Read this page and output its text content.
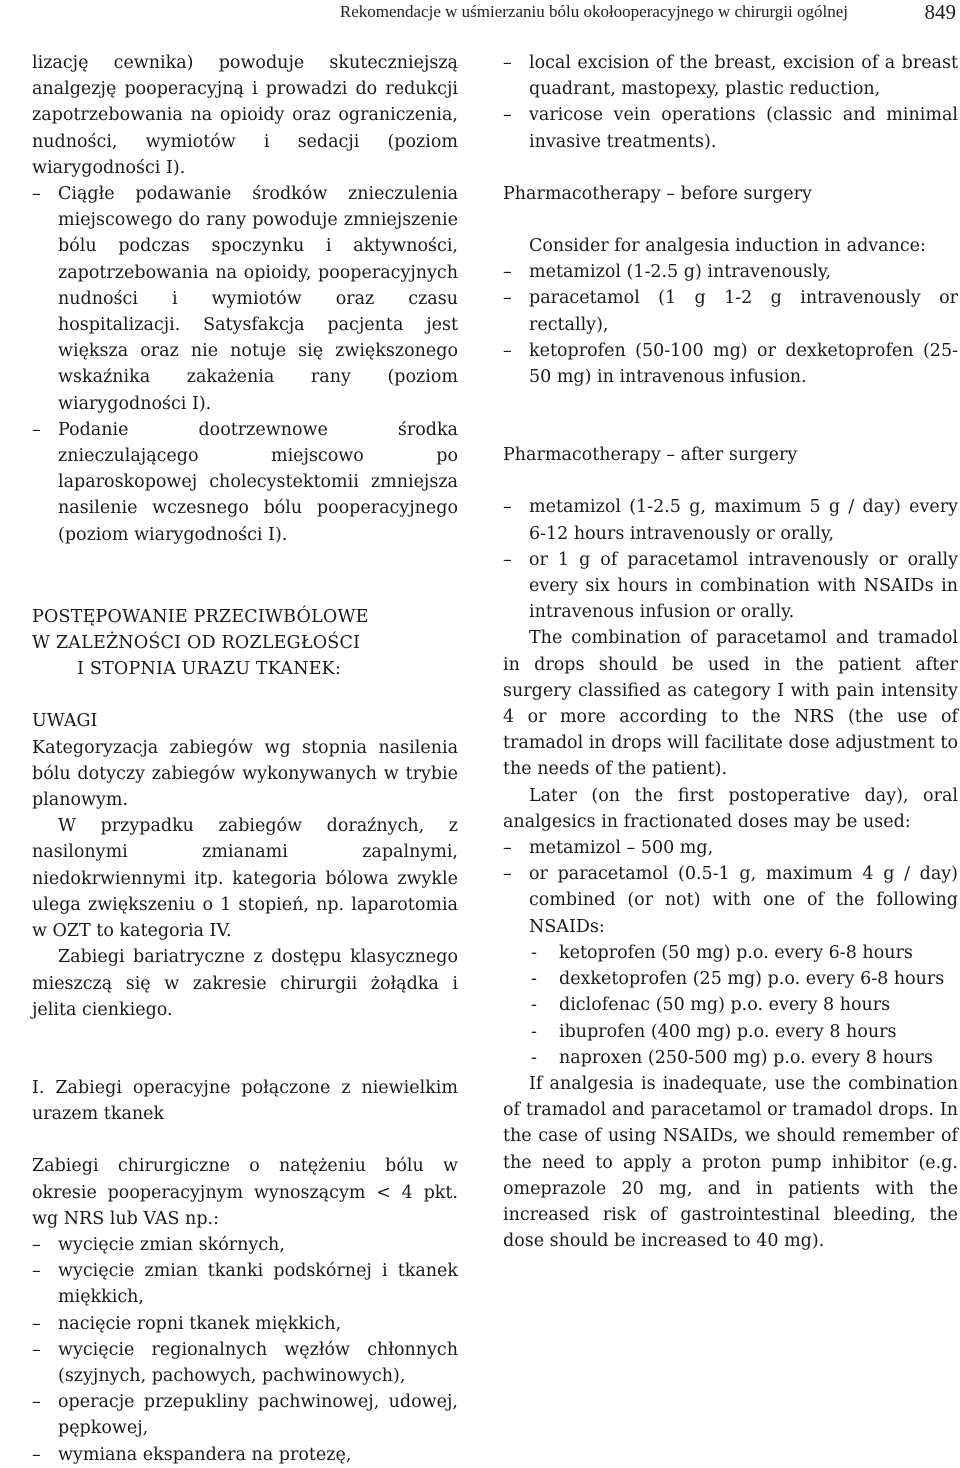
Rekomendacje w uśmierzaniu bólu okołooperacyjnego w chirurgii ogólnej	849

lizację cewnika) powoduje skuteczniejszą analgezję pooperacyjną i prowadzi do redukcji zapotrzebowania na opioidy oraz ograniczenia, nudności, wymiotów i sedacji (poziom wiarygodności I).

– Ciągłe podawanie środków znieczulenia miejscowego do rany powoduje zmniejszenie bólu podczas spoczynku i aktywności, zapotrzebowania na opioidy, pooperacyjnych nudności i wymiotów oraz czasu hospitalizacji. Satysfakcja pacjenta jest większa oraz nie notuje się zwiększonego wskaźnika zakażenia rany (poziom wiarygodności I).
– Podanie dootrzewnowe środka znieczulającego miejscowo po laparoskopowej cholecystektomii zmniejsza nasilenie wczesnego bólu pooperacyjnego (poziom wiarygodności I).
POSTĘPOWANIE PRZECIWBÓLOWE
W ZALEŻNOŚCI OD ROZLEGŁOŚCI
I STOPNIA URAZU TKANEK:
UWAGI

Kategoryzacja zabiegów wg stopnia nasilenia bólu dotyczy zabiegów wykonywanych w trybie planowym.

W przypadku zabiegów doraźnych, z nasilonymi zmianami zapalnymi, niedokrwiennymi itp. kategoria bólowa zwykle ulega zwiększeniu o 1 stopień, np. laparotomia w OZT to kategoria IV.

Zabiegi bariatryczne z dostępu klasycznego mieszczą się w zakresie chirurgii żołądka i jelita cienkiego.

I. Zabiegi operacyjne połączone z niewielkim urazem tkanek

Zabiegi chirurgiczne o natężeniu bólu w okresie pooperacyjnym wynoszącym < 4 pkt. wg NRS lub VAS np.:

– wycięcie zmian skórnych,
– wycięcie zmian tkanki podskórnej i tkanek miękkich,
– nacięcie ropni tkanek miękkich,
– wycięcie regionalnych węzłów chłonnych (szyjnych, pachowych, pachwinowych),
– operacje przepukliny pachwinowej, udowej, pępkowej,
– wymiana ekspandera na protezę,
– local excision of the breast, excision of a breast quadrant, mastopexy, plastic reduction,
– varicose vein operations (classic and minimal invasive treatments).
Pharmacotherapy – before surgery

Consider for analgesia induction in advance:

– metamizol (1-2.5 g) intravenously,
– paracetamol (1 g 1-2 g intravenously or rectally),
– ketoprofen (50-100 mg) or dexketoprofen (25-50 mg) in intravenous infusion.
Pharmacotherapy – after surgery
– metamizol (1-2.5 g, maximum 5 g / day) every 6-12 hours intravenously or orally,
– or 1 g of paracetamol intravenously or orally every six hours in combination with NSAIDs in intravenous infusion or orally.

The combination of paracetamol and tramadol in drops should be used in the patient after surgery classified as category I with pain intensity 4 or more according to the NRS (the use of tramadol in drops will facilitate dose adjustment to the needs of the patient).

Later (on the first postoperative day), oral analgesics in fractionated doses may be used:

– metamizol – 500 mg,
– or paracetamol (0.5-1 g, maximum 4 g / day) combined (or not) with one of the following NSAIDs:
- ketoprofen (50 mg) p.o. every 6-8 hours
- dexketoprofen (25 mg) p.o. every 6-8 hours
- diclofenac (50 mg) p.o. every 8 hours
- ibuprofen (400 mg) p.o. every 8 hours
- naproxen (250-500 mg) p.o. every 8 hours

If analgesia is inadequate, use the combination of tramadol and paracetamol or tramadol drops. In the case of using NSAIDs, we should remember of the need to apply a proton pump inhibitor (e.g. omeprazole 20 mg, and in patients with the increased risk of gastrointestinal bleeding, the dose should be increased to 40 mg).
